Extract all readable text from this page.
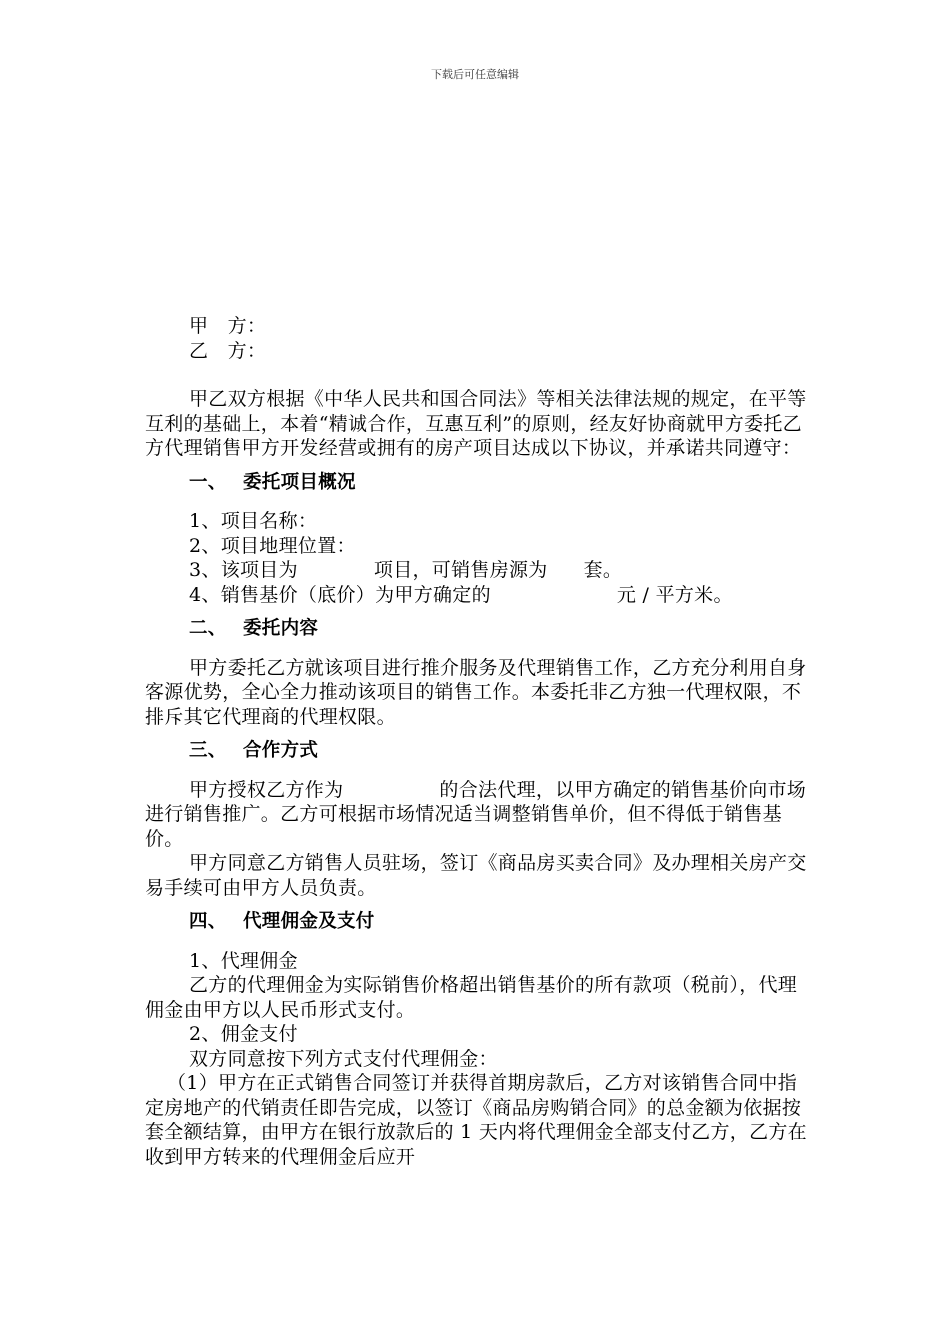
下载后可任意编辑

甲　方：

乙　方：

甲乙双方根据《中华人民共和国合同法》等相关法律法规的规定，在平等互利的基础上，本着“精诚合作，互惠互利”的原则，经友好协商就甲方委托乙方代理销售甲方开发经营或拥有的房产项目达成以下协议，并承诺共同遵守：

一、 委托项目概况

1、项目名称：

2、项目地理位置：

3、该项目为	项目，可销售房源为 套。

4、销售基价（底价）为甲方确定的	元 / 平方米。

二、 委托内容

甲方委托乙方就该项目进行推介服务及代理销售工作，乙方充分利用自身客源优势，全心全力推动该项目的销售工作。本委托非乙方独一代理权限，不排斥其它代理商的代理权限。

三、 合作方式

甲方授权乙方作为	的合法代理，以甲方确定的销售基价向市场进行销售推广。乙方可根据市场情况适当调整销售单价，但不得低于销售基价。

甲方同意乙方销售人员驻场，签订《商品房买卖合同》及办理相关房产交易手续可由甲方人员负责。

四、 代理佣金及支付

1、代理佣金

乙方的代理佣金为实际销售价格超出销售基价的所有款项（税前），代理佣金由甲方以人民币形式支付。

2、佣金支付

双方同意按下列方式支付代理佣金：

（1）甲方在正式销售合同签订并获得首期房款后，乙方对该销售合同中指定房地产的代销责任即告完成，以签订《商品房购销合同》的总金额为依据按套全额结算，由甲方在银行放款后的 1 天内将代理佣金全部支付乙方，乙方在收到甲方转来的代理佣金后应开
